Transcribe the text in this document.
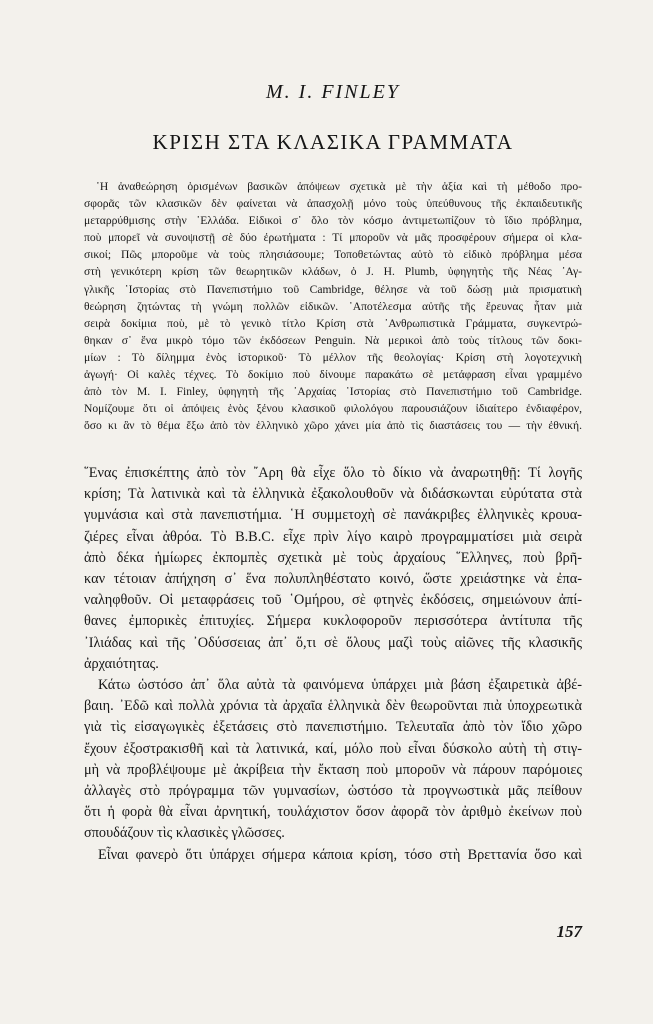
M. I. FINLEY
ΚΡΙΣΗ ΣΤΑ ΚΛΑΣΙΚΑ ΓΡΑΜΜΑΤΑ
῾Η ἀναθεώρηση ὁρισμένων βασικῶν ἀπόψεων σχετικὰ μὲ τὴν ἀξία καὶ τὴ μέθοδο προ-
σφορᾶς τῶν κλασικῶν δὲν φαίνεται νὰ ἀπασχολῇ μόνο τοὺς ὑπεύθυνους τῆς ἐκπαιδευτικῆς
μεταρρύθμισης στὴν ῾Ελλάδα. Εἰδικοὶ σ᾽ ὅλο τὸν κόσμο ἀντιμετωπίζουν τὸ ἴδιο πρόβλημα,
ποὺ μπορεῖ νὰ συνοψιστῇ σὲ δύο ἐρωτήματα : Τί μποροῦν νὰ μᾶς προσφέρουν σήμερα οἱ κλα-
σικοί; Πῶς μποροῦμε νὰ τοὺς πλησιάσουμε; Τοποθετώντας αὐτὸ τὸ εἰδικὸ πρόβλημα μέσα
στὴ γενικότερη κρίση τῶν θεωρητικῶν κλάδων, ὁ J. H. Plumb, ὑφηγητὴς τῆς Νέας ᾽Αγ-
γλικῆς ῾Ιστορίας στὸ Πανεπιστήμιο τοῦ Cambridge, θέλησε νὰ τοῦ δώσῃ μιὰ πρισματικὴ
θεώρηση ζητώντας τὴ γνώμη πολλῶν εἰδικῶν. ᾽Αποτέλεσμα αὐτῆς τῆς ἔρευνας ἦταν μιὰ
σειρὰ δοκίμια ποὺ, μὲ τὸ γενικὸ τίτλο Κρίση στὰ ᾽Ανθρωπιστικὰ Γράμματα, συγκεντρώ-
θηκαν σ᾽ ἕνα μικρὸ τόμο τῶν ἐκδόσεων Penguin. Νὰ μερικοὶ ἀπὸ τοὺς τίτλους τῶν δοκι-
μίων : Τὸ δίλημμα ἑνὸς ἱστορικοῦ· Τὸ μέλλον τῆς θεολογίας· Κρίση στὴ λογοτεχνικὴ
ἀγωγή· Οἱ καλὲς τέχνες. Τὸ δοκίμιο ποὺ δίνουμε παρακάτω σὲ μετάφραση εἶναι γραμμένο
ἀπὸ τὸν M. I. Finley, ὑφηγητὴ τῆς ᾽Αρχαίας ῾Ιστορίας στὸ Πανεπιστήμιο τοῦ Cambridge.
Νομίζουμε ὅτι οἱ ἀπόψεις ἑνὸς ξένου κλασικοῦ φιλολόγου παρουσιάζουν ἰδιαίτερο ἐνδιαφέρον,
ὅσο κι ἂν τὸ θέμα ἔξω ἀπὸ τὸν ἑλληνικὸ χῶρο χάνει μία ἀπὸ τὶς διαστάσεις του — τὴν ἐθνική.
῞Ενας ἐπισκέπτης ἀπὸ τὸν ῎Αρη θὰ εἶχε ὅλο τὸ δίκιο νὰ ἀναρωτηθῇ: Τί λογῆς
κρίση; Τὰ λατινικὰ καὶ τὰ ἑλληνικὰ ἐξακολουθοῦν νὰ διδάσκωνται εὐρύτατα στὰ
γυμνάσια καὶ στὰ πανεπιστήμια. ῾Η συμμετοχὴ σὲ πανάκριβες ἑλληνικὲς κρουα-
ζιέρες εἶναι ἀθρόα. Τὸ B.B.C. εἶχε πρὶν λίγο καιρὸ προγραμματίσει μιὰ σειρὰ
ἀπὸ δέκα ἡμίωρες ἐκπομπὲς σχετικὰ μὲ τοὺς ἀρχαίους ῞Ελληνες, ποὺ βρῆ-
καν τέτοιαν ἀπήχηση σ᾽ ἕνα πολυπληθέστατο κοινό, ὥστε χρειάστηκε νὰ ἐπα-
ναληφθοῦν. Οἱ μεταφράσεις τοῦ ῾Ομήρου, σὲ φτηνὲς ἐκδόσεις, σημειώνουν ἀπί-
θανες ἐμπορικὲς ἐπιτυχίες. Σήμερα κυκλοφοροῦν περισσότερα ἀντίτυπα τῆς
᾽Ιλιάδας καὶ τῆς ᾽Οδύσσειας ἀπ᾽ ὅ,τι σὲ ὅλους μαζὶ τοὺς αἰῶνες τῆς κλασικῆς
ἀρχαιότητας.
Κάτω ὡστόσο ἀπ᾽ ὅλα αὐτὰ τὰ φαινόμενα ὑπάρχει μιὰ βάση ἐξαιρετικὰ ἀβέ-
βαιη. ᾽Εδῶ καὶ πολλὰ χρόνια τὰ ἀρχαῖα ἑλληνικὰ δὲν θεωροῦνται πιὰ ὑποχρεωτικὰ
γιὰ τὶς εἰσαγωγικὲς ἐξετάσεις στὸ πανεπιστήμιο. Τελευταῖα ἀπὸ τὸν ἴδιο χῶρο
ἔχουν ἐξοστρακισθῆ καὶ τὰ λατινικά, καί, μόλο ποὺ εἶναι δύσκολο αὐτὴ τὴ στιγ-
μὴ νὰ προβλέψουμε μὲ ἀκρίβεια τὴν ἔκταση ποὺ μποροῦν νὰ πάρουν παρόμοιες
ἀλλαγὲς στὸ πρόγραμμα τῶν γυμνασίων, ὡστόσο τὰ προγνωστικὰ μᾶς πείθουν
ὅτι ἡ φορὰ θὰ εἶναι ἀρνητική, τουλάχιστον ὅσον ἀφορᾶ τὸν ἀριθμὸ ἐκείνων ποὺ
σπουδάζουν τὶς κλασικὲς γλῶσσες.
Εἶναι φανερὸ ὅτι ὑπάρχει σήμερα κάποια κρίση, τόσο στὴ Βρεττανία ὅσο καὶ
157
